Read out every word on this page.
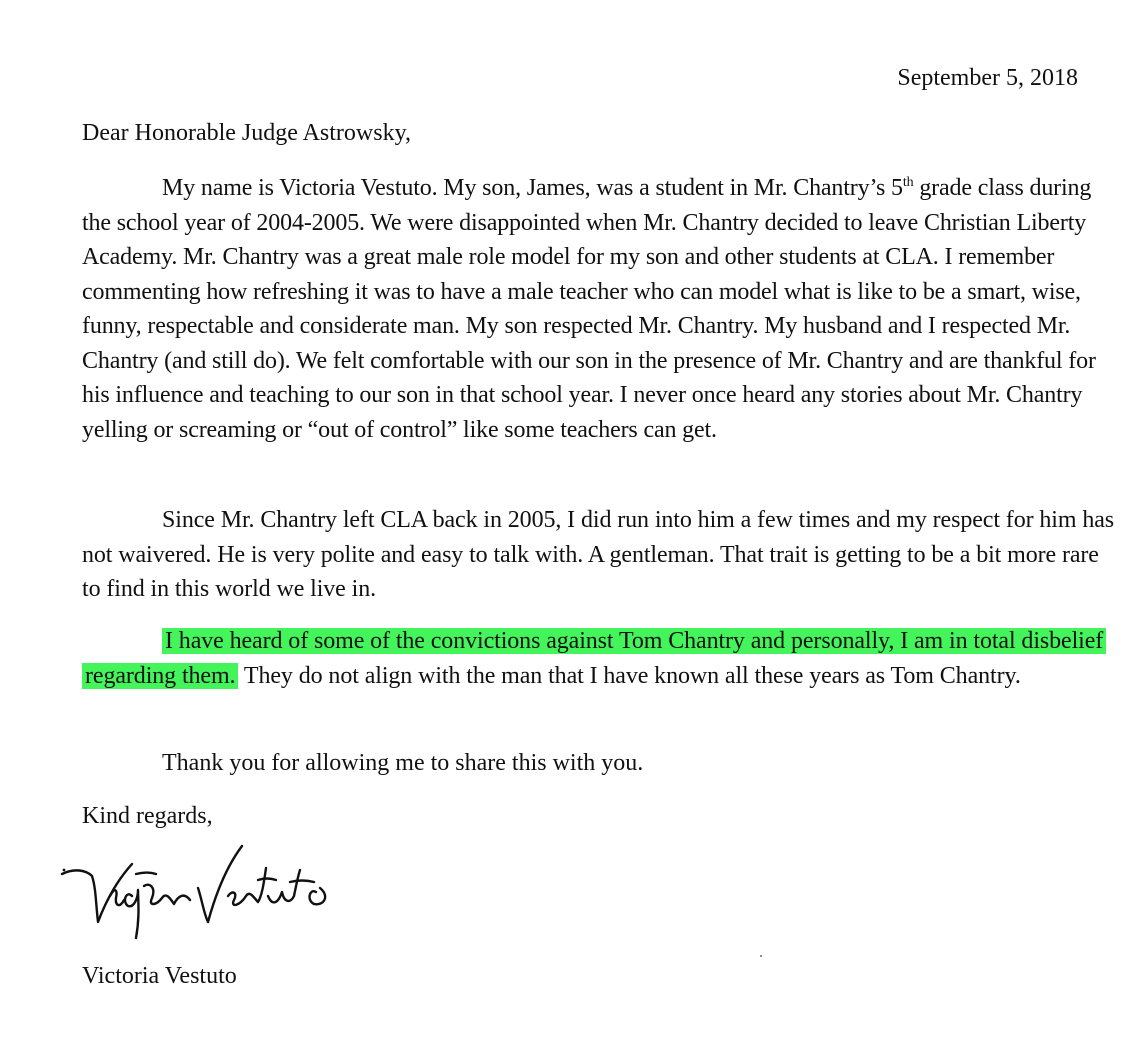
September 5, 2018
Dear Honorable Judge Astrowsky,

My name is Victoria Vestuto. My son, James, was a student in Mr. Chantry’s 5th grade class during the school year of 2004-2005. We were disappointed when Mr. Chantry decided to leave Christian Liberty Academy. Mr. Chantry was a great male role model for my son and other students at CLA. I remember commenting how refreshing it was to have a male teacher who can model what is like to be a smart, wise, funny, respectable and considerate man. My son respected Mr. Chantry. My husband and I respected Mr. Chantry (and still do). We felt comfortable with our son in the presence of Mr. Chantry and are thankful for his influence and teaching to our son in that school year. I never once heard any stories about Mr. Chantry yelling or screaming or “out of control” like some teachers can get.

Since Mr. Chantry left CLA back in 2005, I did run into him a few times and my respect for him has not waivered. He is very polite and easy to talk with. A gentleman. That trait is getting to be a bit more rare to find in this world we live in.

I have heard of some of the convictions against Tom Chantry and personally, I am in total disbelief regarding them. They do not align with the man that I have known all these years as Tom Chantry.

Thank you for allowing me to share this with you.

Kind regards,
Victoria Vestuto
